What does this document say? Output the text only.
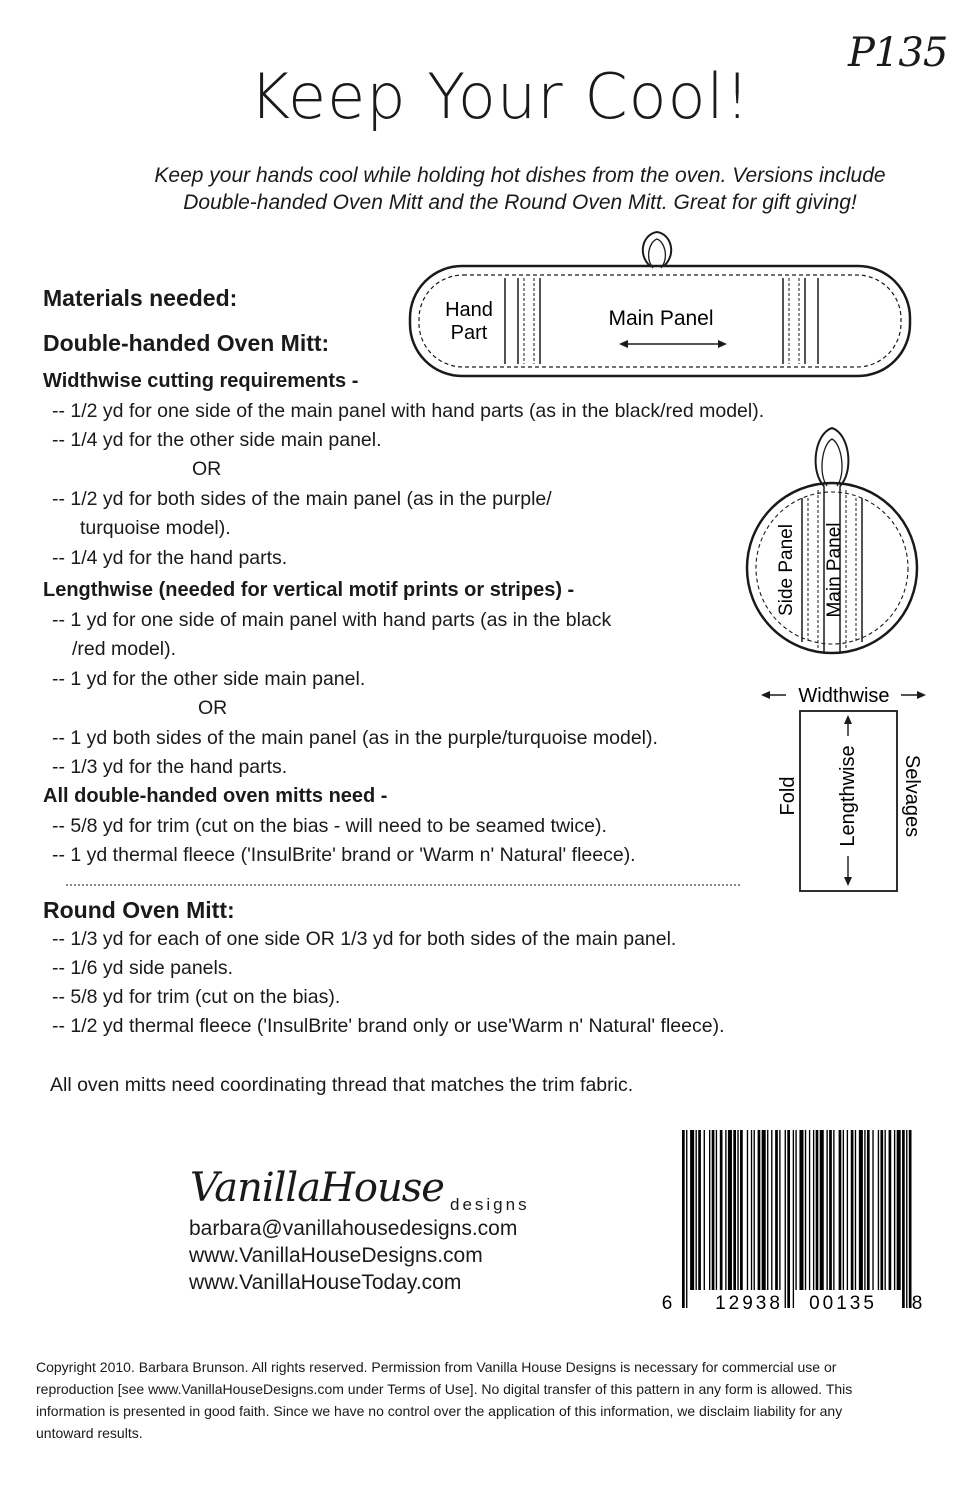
P135
Keep Your Cool!
Keep your hands cool while holding hot dishes from the oven. Versions include
Double-handed Oven Mitt and the Round Oven Mitt. Great for gift giving!
Hand
Part
Main Panel
Side Panel Main Panel
Widthwise
Lengthwise
Fold	Selvages
Materials needed:
Double-handed Oven Mitt:
Widthwise cutting requirements -
-- 1/2 yd for one side of the main panel with hand parts (as in the black/red model).
-- 1/4 yd for the other side main panel.
OR
-- 1/2 yd for both sides of the main panel (as in the purple/
turquoise model).
-- 1/4 yd for the hand parts.
Lengthwise (needed for vertical motif prints or stripes) -
-- 1 yd for one side of main panel with hand parts (as in the black
/red model).
-- 1 yd for the other side main panel.
OR
-- 1 yd both sides of the main panel (as in the purple/turquoise model).
-- 1/3 yd for the hand parts.
All double-handed oven mitts need -
-- 5/8 yd for trim (cut on the bias - will need to be seamed twice).
-- 1 yd thermal fleece ('InsulBrite' brand or 'Warm n' Natural' fleece).
Round Oven Mitt:
-- 1/3 yd for each of one side OR 1/3 yd for both sides of the main panel.
-- 1/6 yd side panels.
-- 5/8 yd for trim (cut on the bias).
-- 1/2 yd thermal fleece ('InsulBrite' brand only or use'Warm n' Natural' fleece).
All oven mitts need coordinating thread that matches the trim fabric.
VanillaHouse designs
barbara@vanillahousedesigns.com
www.VanillaHouseDesigns.com
www.VanillaHouseToday.com
6 12938 00135 8
Copyright 2010. Barbara Brunson. All rights reserved. Permission from Vanilla House Designs is necessary for commercial use or
reproduction [see www.VanillaHouseDesigns.com under Terms of Use]. No digital transfer of this pattern in any form is allowed. This
information is presented in good faith. Since we have no control over the application of this information, we disclaim liability for any
untoward results.
